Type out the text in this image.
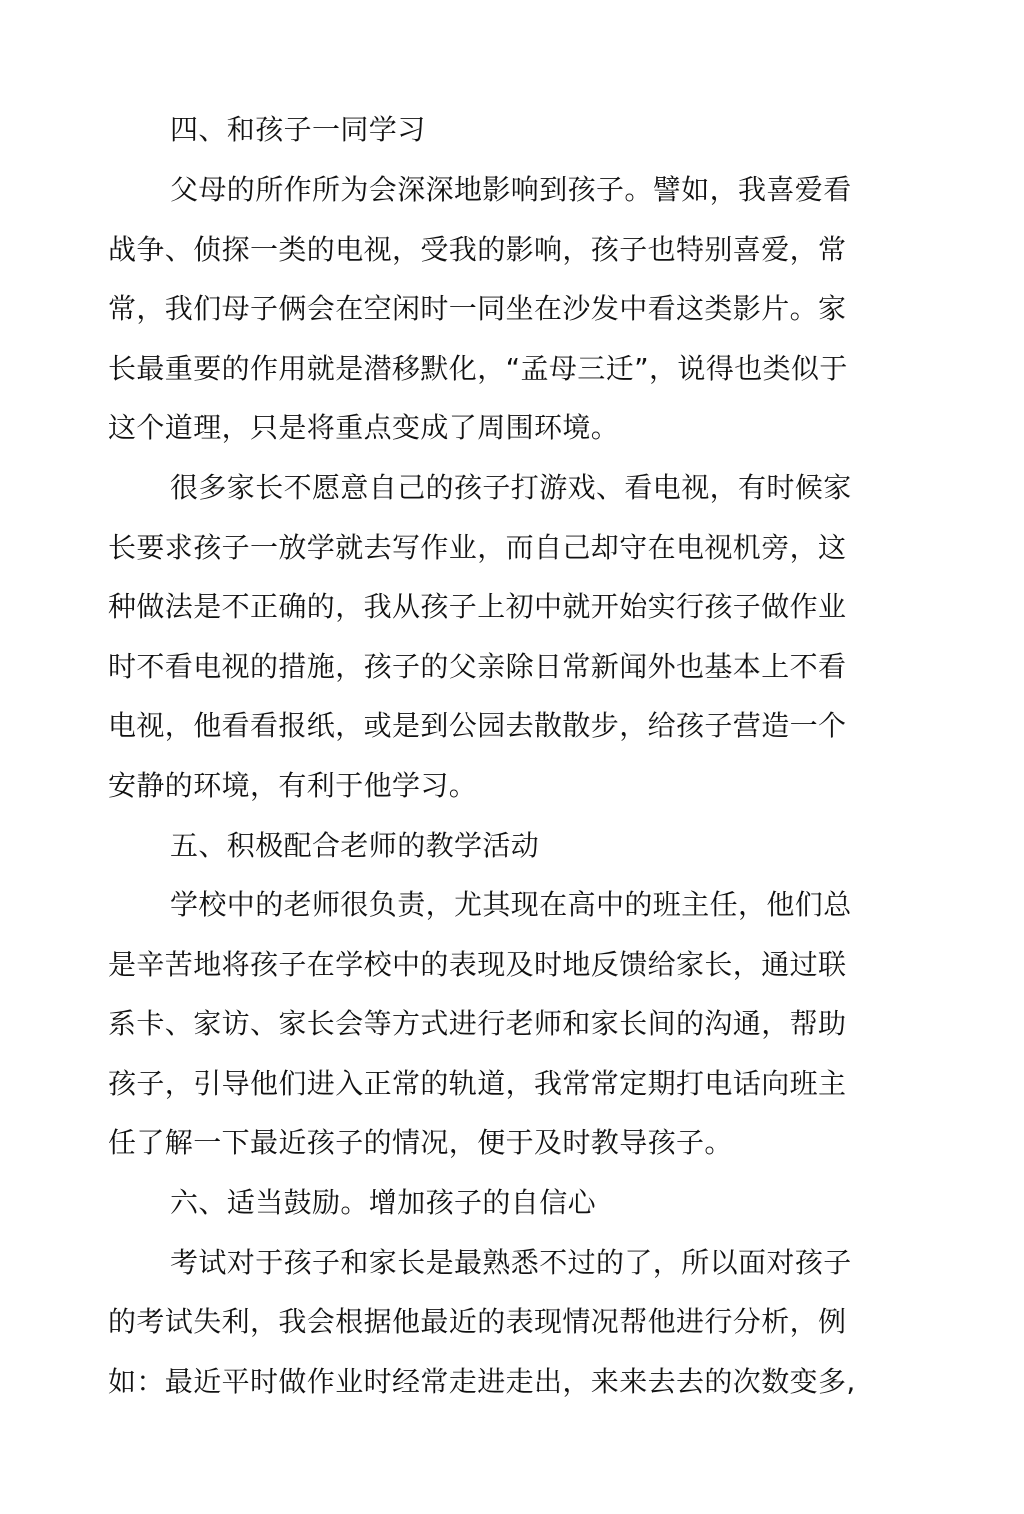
四、和孩子一同学习
父母的所作所为会深深地影响到孩子。譬如，我喜爱看
战争、侦探一类的电视，受我的影响，孩子也特别喜爱，常
常，我们母子俩会在空闲时一同坐在沙发中看这类影片。家
长最重要的作用就是潜移默化，“孟母三迁”，说得也类似于
这个道理，只是将重点变成了周围环境。
很多家长不愿意自己的孩子打游戏、看电视，有时候家
长要求孩子一放学就去写作业，而自己却守在电视机旁，这
种做法是不正确的，我从孩子上初中就开始实行孩子做作业
时不看电视的措施，孩子的父亲除日常新闻外也基本上不看
电视，他看看报纸，或是到公园去散散步，给孩子营造一个
安静的环境，有利于他学习。
五、积极配合老师的教学活动
学校中的老师很负责，尤其现在高中的班主任，他们总
是辛苦地将孩子在学校中的表现及时地反馈给家长，通过联
系卡、家访、家长会等方式进行老师和家长间的沟通，帮助
孩子，引导他们进入正常的轨道，我常常定期打电话向班主
任了解一下最近孩子的情况，便于及时教导孩子。
六、适当鼓励。增加孩子的自信心
考试对于孩子和家长是最熟悉不过的了，所以面对孩子
的考试失利，我会根据他最近的表现情况帮他进行分析，例
如：最近平时做作业时经常走进走出，来来去去的次数变多,
